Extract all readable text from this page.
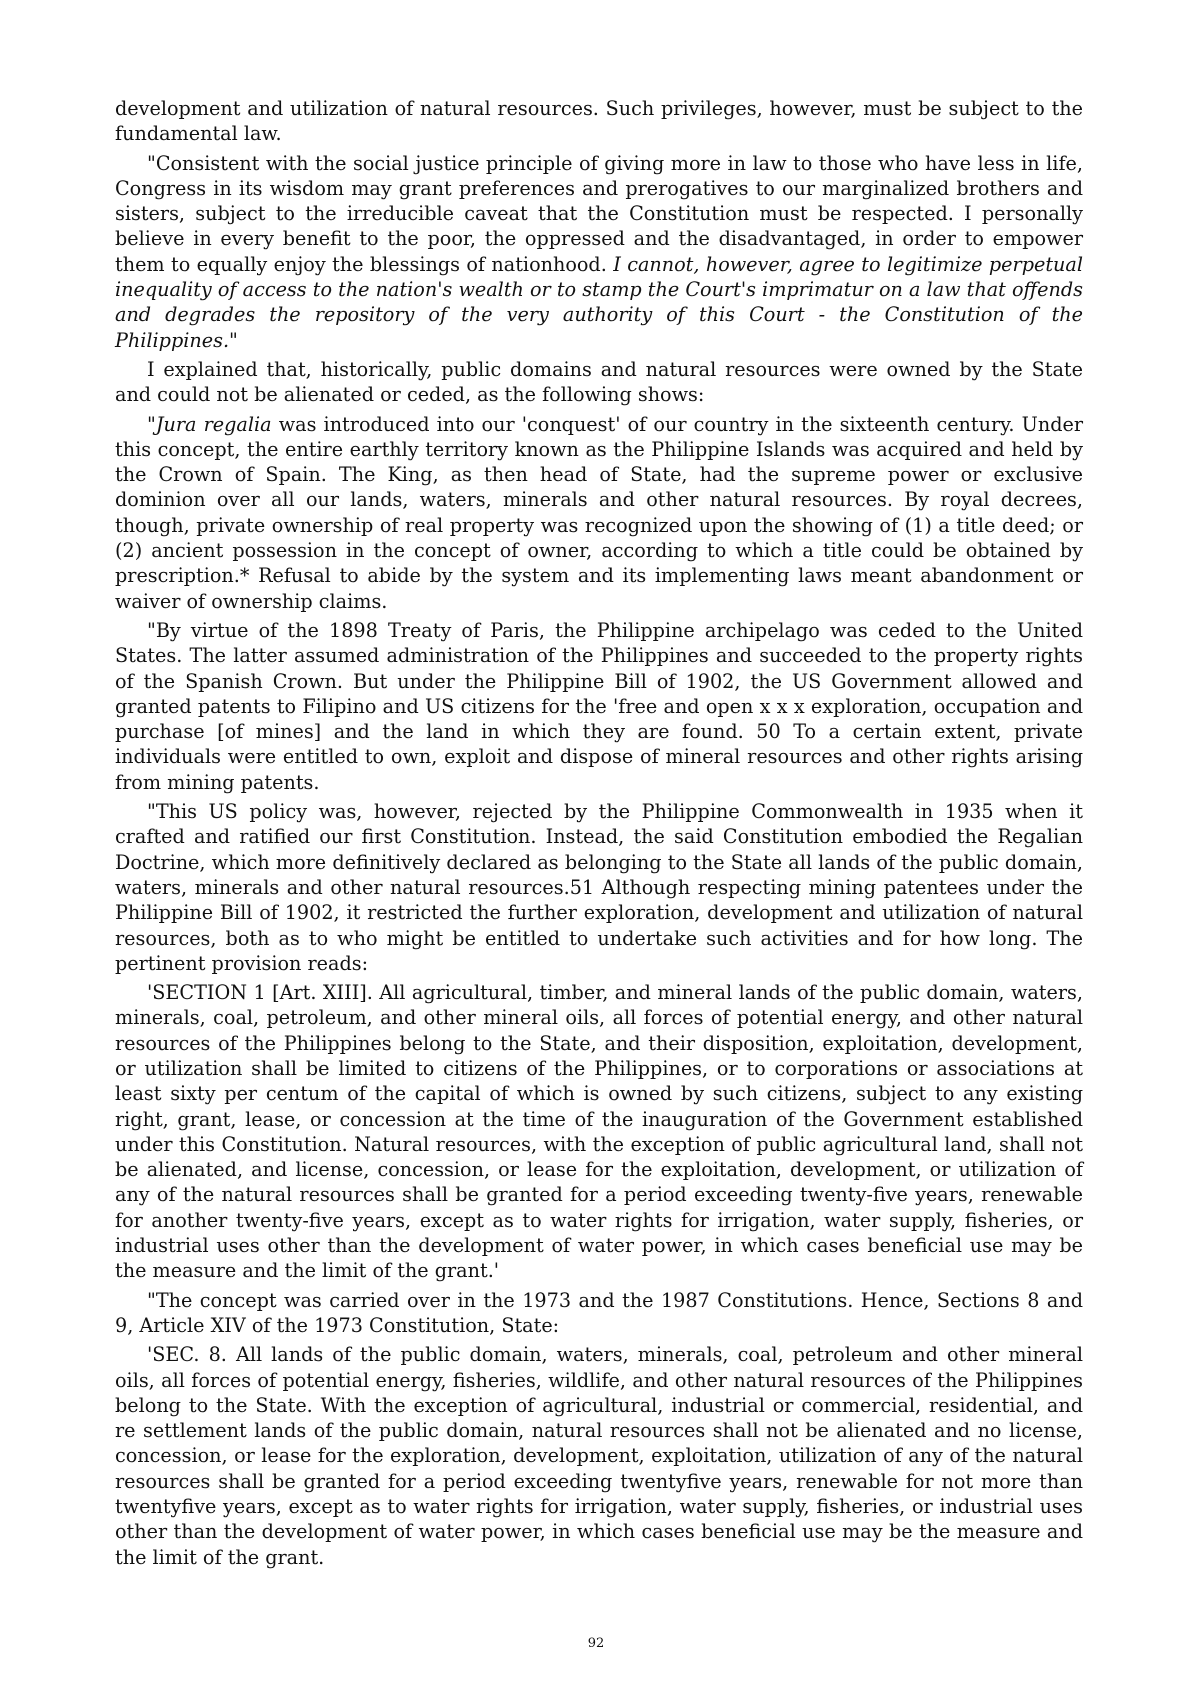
development and utilization of natural resources. Such privileges, however, must be subject to the fundamental law.

"Consistent with the social justice principle of giving more in law to those who have less in life, Congress in its wisdom may grant preferences and prerogatives to our marginalized brothers and sisters, subject to the irreducible caveat that the Constitution must be respected. I personally believe in every benefit to the poor, the oppressed and the disadvantaged, in order to empower them to equally enjoy the blessings of nationhood. I cannot, however, agree to legitimize perpetual inequality of access to the nation's wealth or to stamp the Court's imprimatur on a law that offends and degrades the repository of the very authority of this Court - the Constitution of the Philippines."

I explained that, historically, public domains and natural resources were owned by the State and could not be alienated or ceded, as the following shows:

"Jura regalia was introduced into our 'conquest' of our country in the sixteenth century. Under this concept, the entire earthly territory known as the Philippine Islands was acquired and held by the Crown of Spain. The King, as then head of State, had the supreme power or exclusive dominion over all our lands, waters, minerals and other natural resources. By royal decrees, though, private ownership of real property was recognized upon the showing of (1) a title deed; or (2) ancient possession in the concept of owner, according to which a title could be obtained by prescription.* Refusal to abide by the system and its implementing laws meant abandonment or waiver of ownership claims.

"By virtue of the 1898 Treaty of Paris, the Philippine archipelago was ceded to the United States. The latter assumed administration of the Philippines and succeeded to the property rights of the Spanish Crown. But under the Philippine Bill of 1902, the US Government allowed and granted patents to Filipino and US citizens for the 'free and open x x x exploration, occupation and purchase [of mines] and the land in which they are found. 50 To a certain extent, private individuals were entitled to own, exploit and dispose of mineral resources and other rights arising from mining patents.

"This US policy was, however, rejected by the Philippine Commonwealth in 1935 when it crafted and ratified our first Constitution. Instead, the said Constitution embodied the Regalian Doctrine, which more definitively declared as belonging to the State all lands of the public domain, waters, minerals and other natural resources.51 Although respecting mining patentees under the Philippine Bill of 1902, it restricted the further exploration, development and utilization of natural resources, both as to who might be entitled to undertake such activities and for how long. The pertinent provision reads:

'SECTION 1 [Art. XIII]. All agricultural, timber, and mineral lands of the public domain, waters, minerals, coal, petroleum, and other mineral oils, all forces of potential energy, and other natural resources of the Philippines belong to the State, and their disposition, exploitation, development, or utilization shall be limited to citizens of the Philippines, or to corporations or associations at least sixty per centum of the capital of which is owned by such citizens, subject to any existing right, grant, lease, or concession at the time of the inauguration of the Government established under this Constitution. Natural resources, with the exception of public agricultural land, shall not be alienated, and license, concession, or lease for the exploitation, development, or utilization of any of the natural resources shall be granted for a period exceeding twenty-five years, renewable for another twenty-five years, except as to water rights for irrigation, water supply, fisheries, or industrial uses other than the development of water power, in which cases beneficial use may be the measure and the limit of the grant.'

"The concept was carried over in the 1973 and the 1987 Constitutions. Hence, Sections 8 and 9, Article XIV of the 1973 Constitution, State:

'SEC. 8. All lands of the public domain, waters, minerals, coal, petroleum and other mineral oils, all forces of potential energy, fisheries, wildlife, and other natural resources of the Philippines belong to the State. With the exception of agricultural, industrial or commercial, residential, and re settlement lands of the public domain, natural resources shall not be alienated and no license, concession, or lease for the exploration, development, exploitation, utilization of any of the natural resources shall be granted for a period exceeding twentyfive years, renewable for not more than twentyfive years, except as to water rights for irrigation, water supply, fisheries, or industrial uses other than the development of water power, in which cases beneficial use may be the measure and the limit of the grant.

92
